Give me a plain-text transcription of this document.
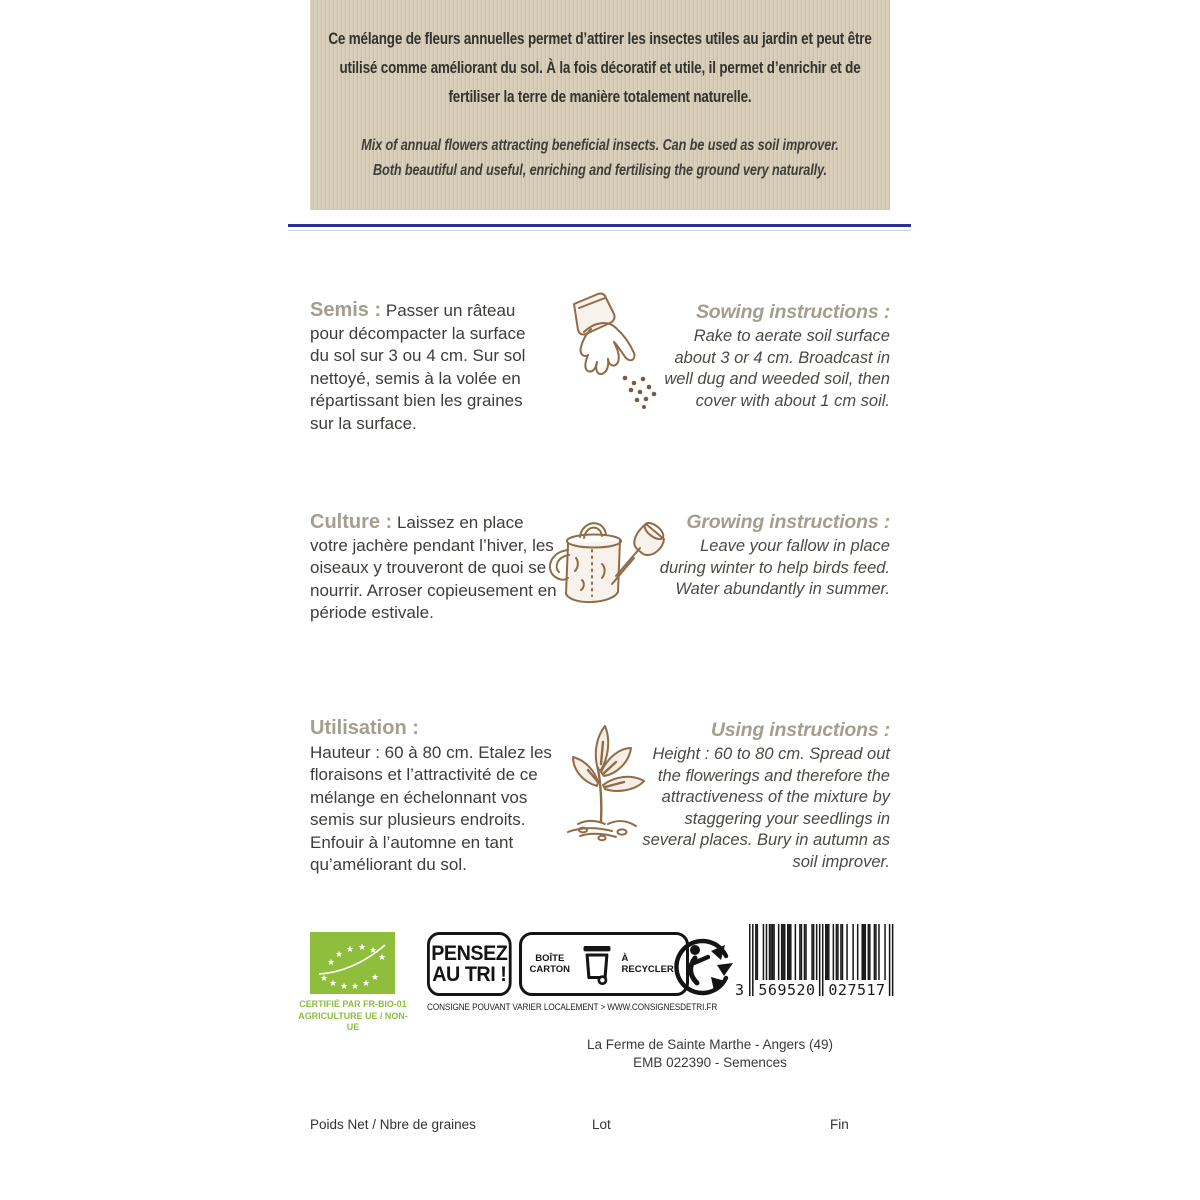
Ce mélange de fleurs annuelles permet d’attirer les insectes utiles au jardin et peut être utilisé comme améliorant du sol. À la fois décoratif et utile, il permet d’enrichir et de fertiliser la terre de manière totalement naturelle.

Mix of annual flowers attracting beneficial insects. Can be used as soil improver. Both beautiful and useful, enriching and fertilising the ground very naturally.

Semis : Passer un râteau pour décompacter la surface du sol sur 3 ou 4 cm. Sur sol nettoyé, semis à la volée en répartissant bien les graines sur la surface.

Sowing instructions :

Rake to aerate soil surface about 3 or 4 cm. Broadcast in well dug and weeded soil, then cover with about 1 cm soil.

Culture : Laissez en place votre jachère pendant l’hiver, les oiseaux y trouveront de quoi se nourrir. Arroser copieusement en période estivale.

Growing instructions :

Leave your fallow in place during winter to help birds feed. Water abundantly in summer.

Utilisation :
Hauteur : 60 à 80 cm. Etalez les floraisons et l’attractivité de ce mélange en échelonnant vos semis sur plusieurs endroits. Enfouir à l’automne en tant qu’améliorant du sol.

Using instructions :

Height : 60 to 80 cm. Spread out the flowerings and therefore the attractiveness of the mixture by staggering your seedlings in several places. Bury in autumn as soil improver.

★ ★ ★ ★ ★
★
★
★ ★ ★ ★
★
CERTIFIÉ PAR FR-BIO-01
AGRICULTURE UE / NON-UE
PENSEZ
AU TRI !
BOÎTE CARTON
À RECYCLER
CONSIGNE POUVANT VARIER LOCALEMENT > WWW.CONSIGNESDETRI.FR
3 569520 027517

La Ferme de Sainte Marthe - Angers (49)

EMB 022390 - Semences

Poids Net / Nbre de graines	Lot	Fin
